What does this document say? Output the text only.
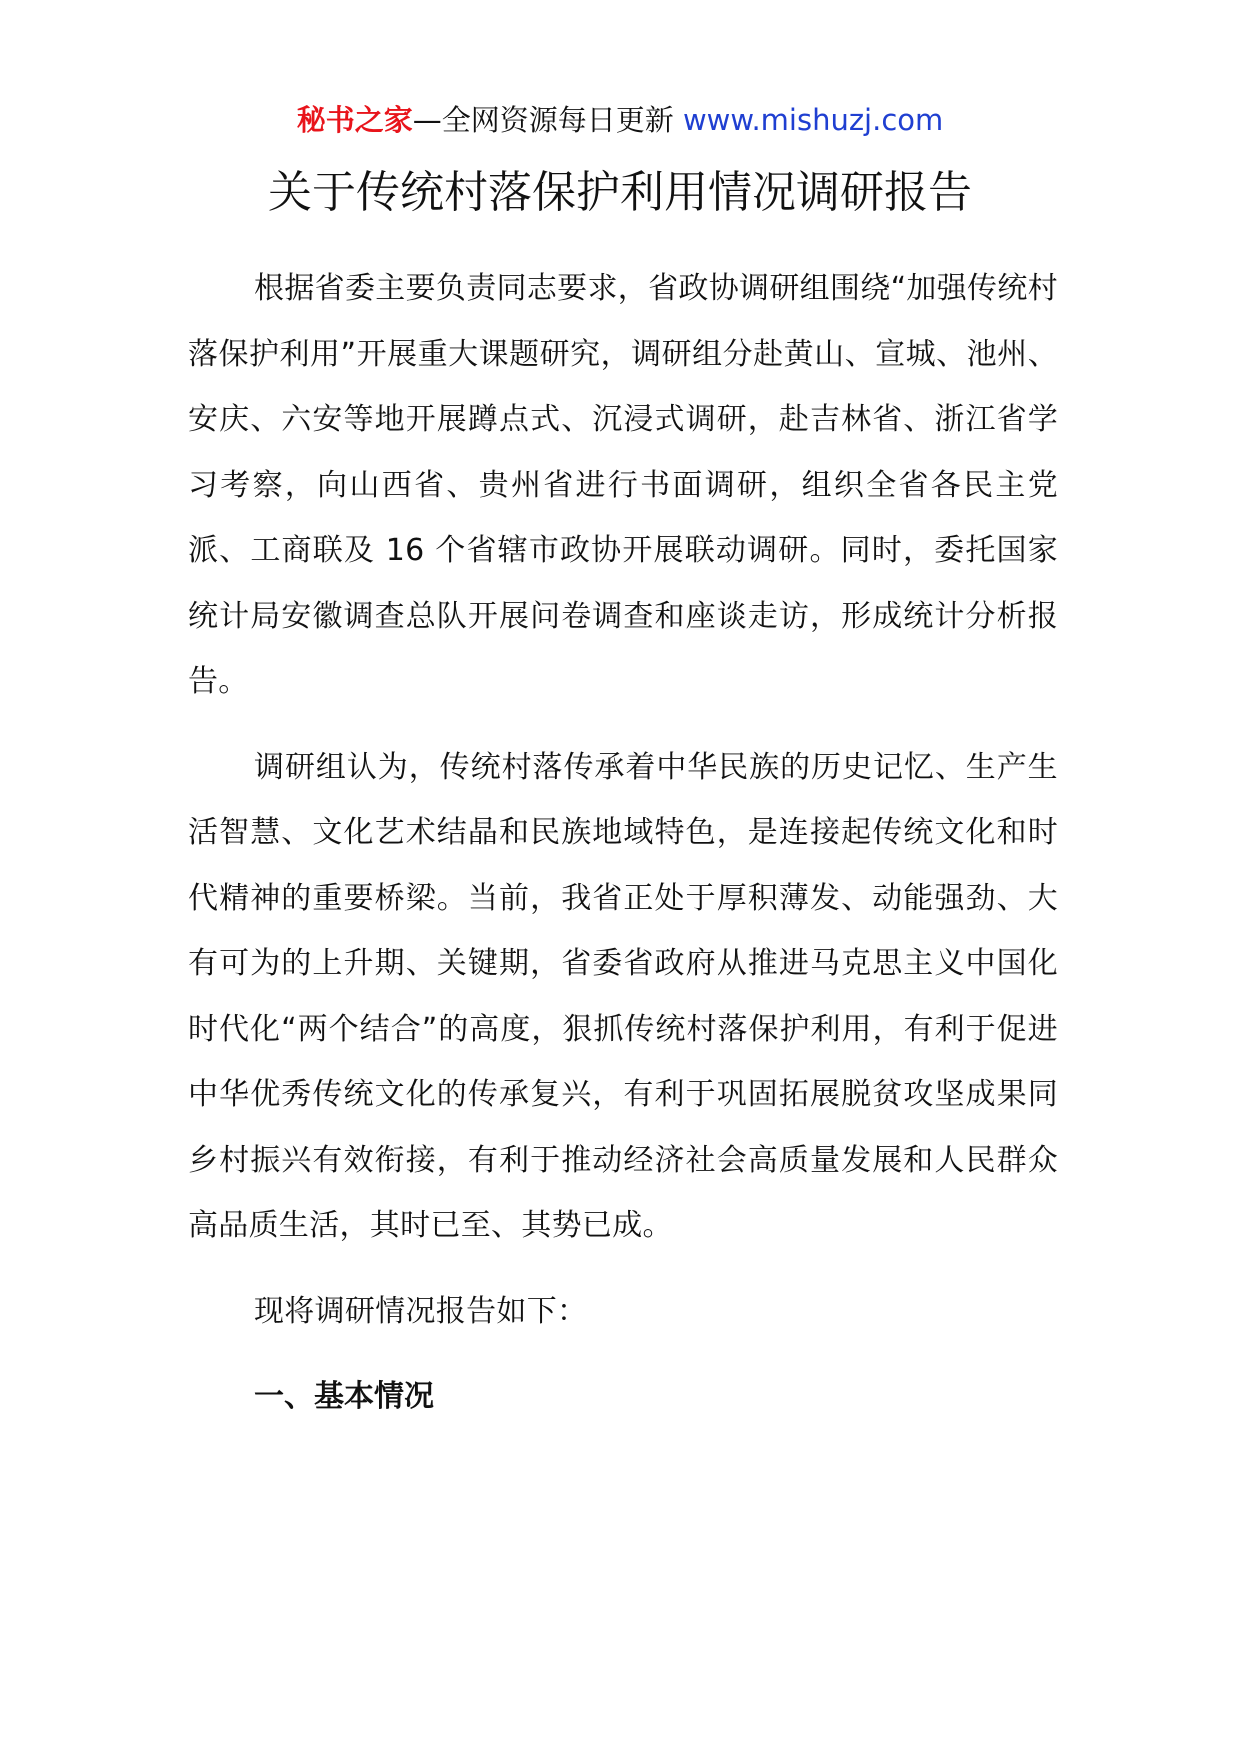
秘书之家—全网资源每日更新 www.mishuzj.com
关于传统村落保护利用情况调研报告

根据省委主要负责同志要求，省政协调研组围绕“加强传统村落保护利用”开展重大课题研究，调研组分赴黄山、宣城、池州、安庆、六安等地开展蹲点式、沉浸式调研，赴吉林省、浙江省学习考察，向山西省、贵州省进行书面调研，组织全省各民主党派、工商联及 16 个省辖市政协开展联动调研。同时，委托国家统计局安徽调查总队开展问卷调查和座谈走访，形成统计分析报告。

调研组认为，传统村落传承着中华民族的历史记忆、生产生活智慧、文化艺术结晶和民族地域特色，是连接起传统文化和时代精神的重要桥梁。当前，我省正处于厚积薄发、动能强劲、大有可为的上升期、关键期，省委省政府从推进马克思主义中国化时代化“两个结合”的高度，狠抓传统村落保护利用，有利于促进中华优秀传统文化的传承复兴，有利于巩固拓展脱贫攻坚成果同乡村振兴有效衔接，有利于推动经济社会高质量发展和人民群众高品质生活，其时已至、其势已成。

现将调研情况报告如下：

一、基本情况
